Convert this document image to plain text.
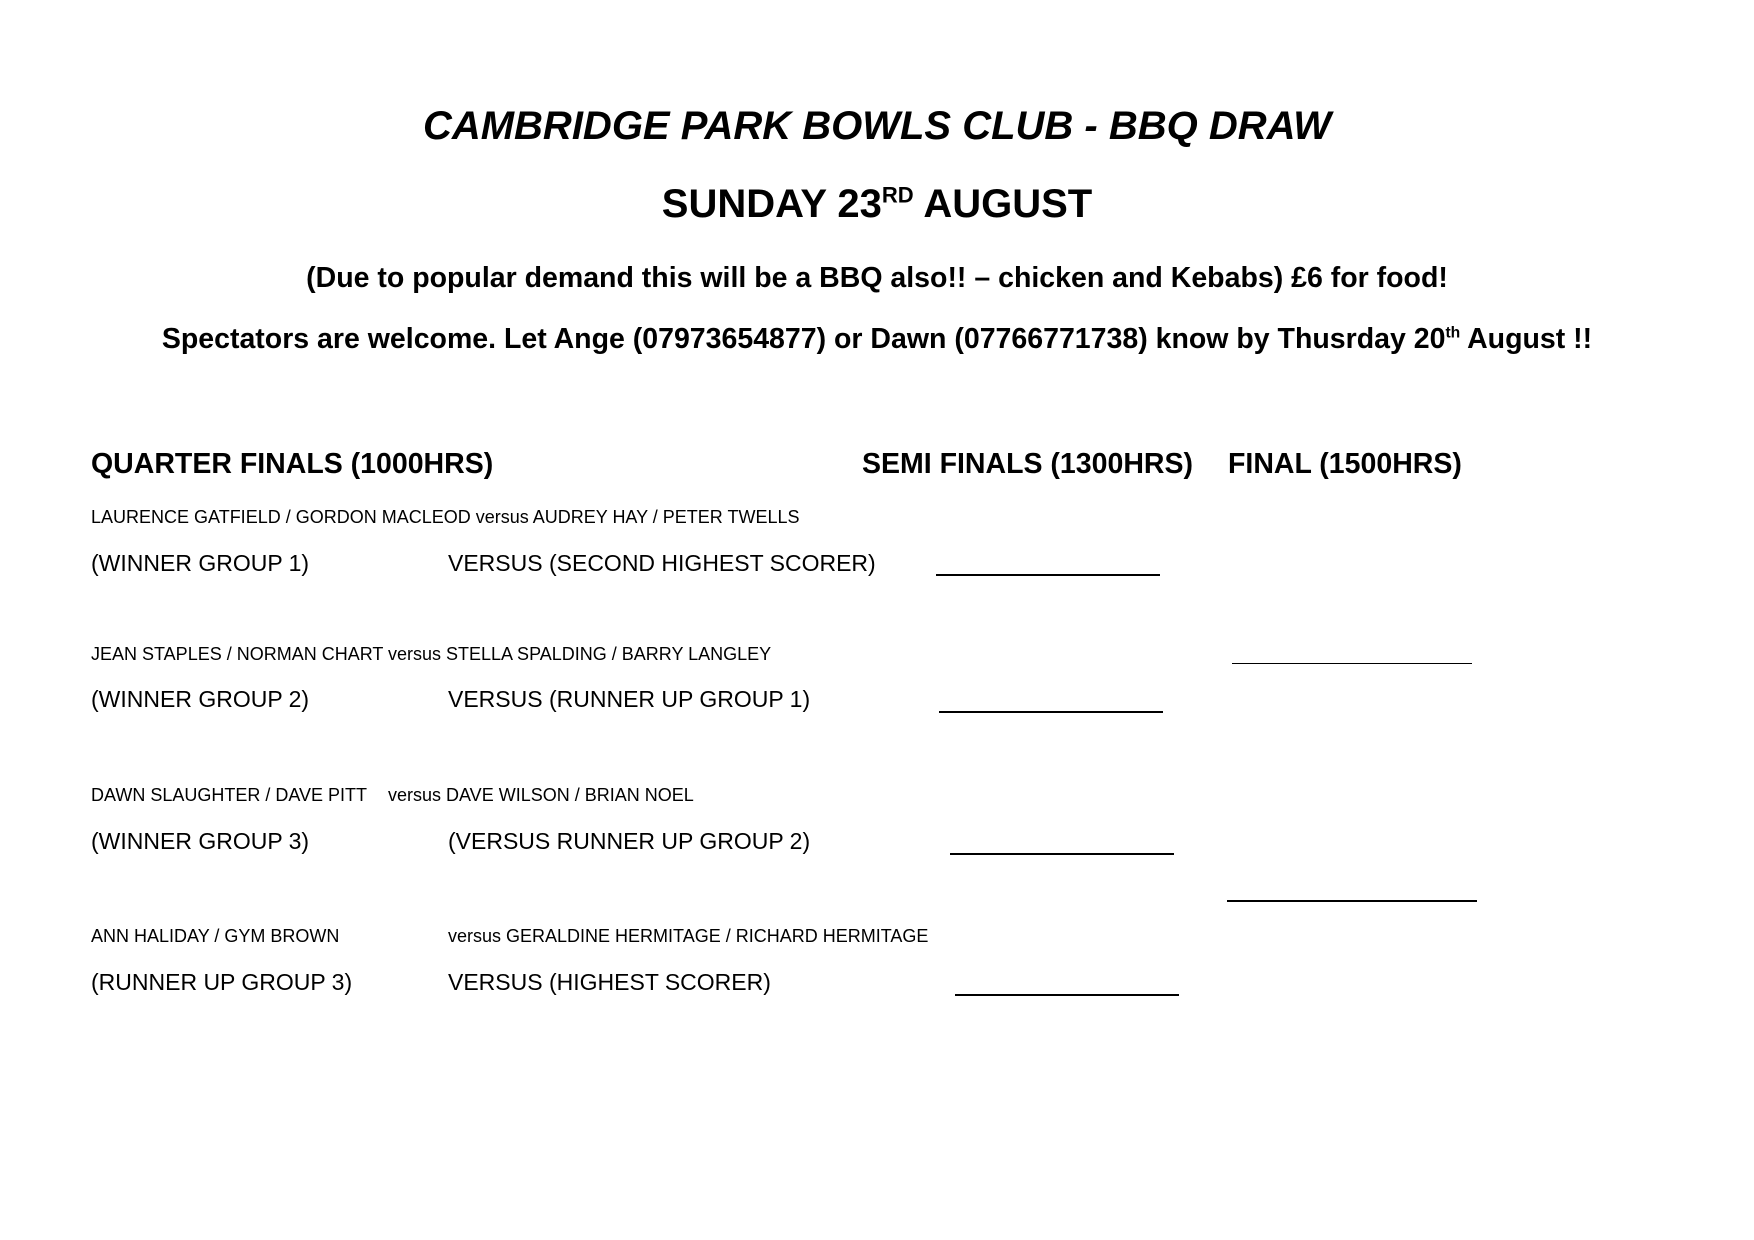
CAMBRIDGE PARK BOWLS CLUB - BBQ DRAW
SUNDAY 23RD AUGUST
(Due to popular demand this will be a BBQ also!! – chicken and Kebabs) £6 for food!
Spectators are welcome. Let Ange (07973654877) or Dawn (07766771738) know by Thusrday 20th August !!
QUARTER FINALS (1000HRS)	SEMI FINALS (1300HRS) FINAL (1500HRS)
LAURENCE GATFIELD / GORDON MACLEOD versus AUDREY HAY / PETER TWELLS
(WINNER GROUP 1)	VERSUS (SECOND HIGHEST SCORER)
JEAN STAPLES / NORMAN CHART versus STELLA SPALDING / BARRY LANGLEY
(WINNER GROUP 2)	VERSUS (RUNNER UP GROUP 1)
DAWN SLAUGHTER / DAVE PITT versus DAVE WILSON / BRIAN NOEL
(WINNER GROUP 3)	(VERSUS RUNNER UP GROUP 2)
ANN HALIDAY / GYM BROWN	versus GERALDINE HERMITAGE / RICHARD HERMITAGE
(RUNNER UP GROUP 3)	VERSUS (HIGHEST SCORER)
